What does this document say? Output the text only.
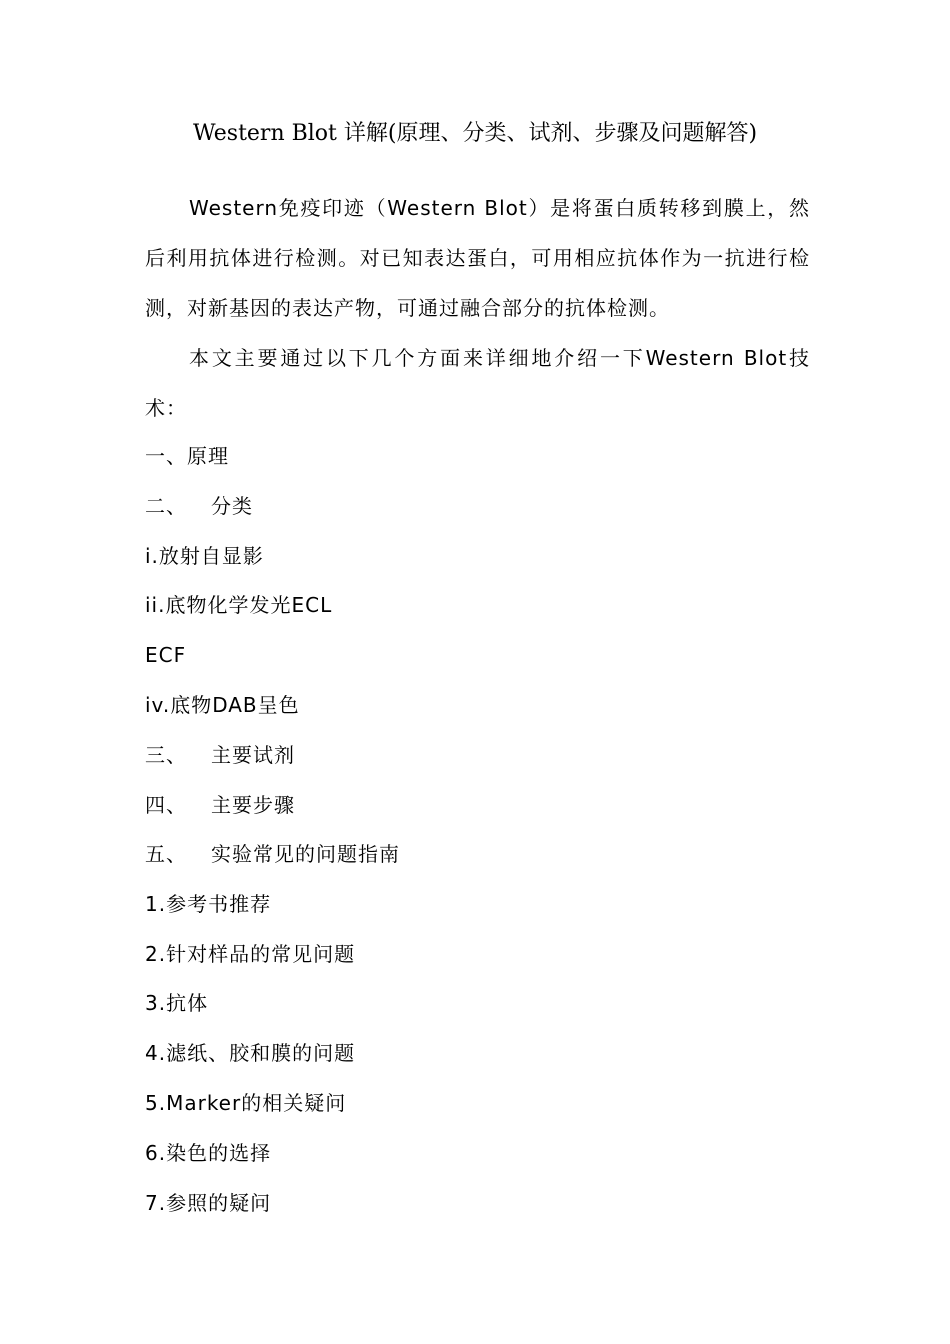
Western Blot 详解(原理、分类、试剂、步骤及问题解答)

Western免疫印迹（Western Blot）是将蛋白质转移到膜上，然后利用抗体进行检测。对已知表达蛋白，可用相应抗体作为一抗进行检测，对新基因的表达产物，可通过融合部分的抗体检测。

本文主要通过以下几个方面来详细地介绍一下Western Blot技术：

一、原理
二、 分类
i.放射自显影
ii.底物化学发光ECL
ECF
iv.底物DAB呈色
三、 主要试剂
四、 主要步骤
五、 实验常见的问题指南
1.参考书推荐
2.针对样品的常见问题
3.抗体
4.滤纸、胶和膜的问题
5.Marker的相关疑问
6.染色的选择
7.参照的疑问
